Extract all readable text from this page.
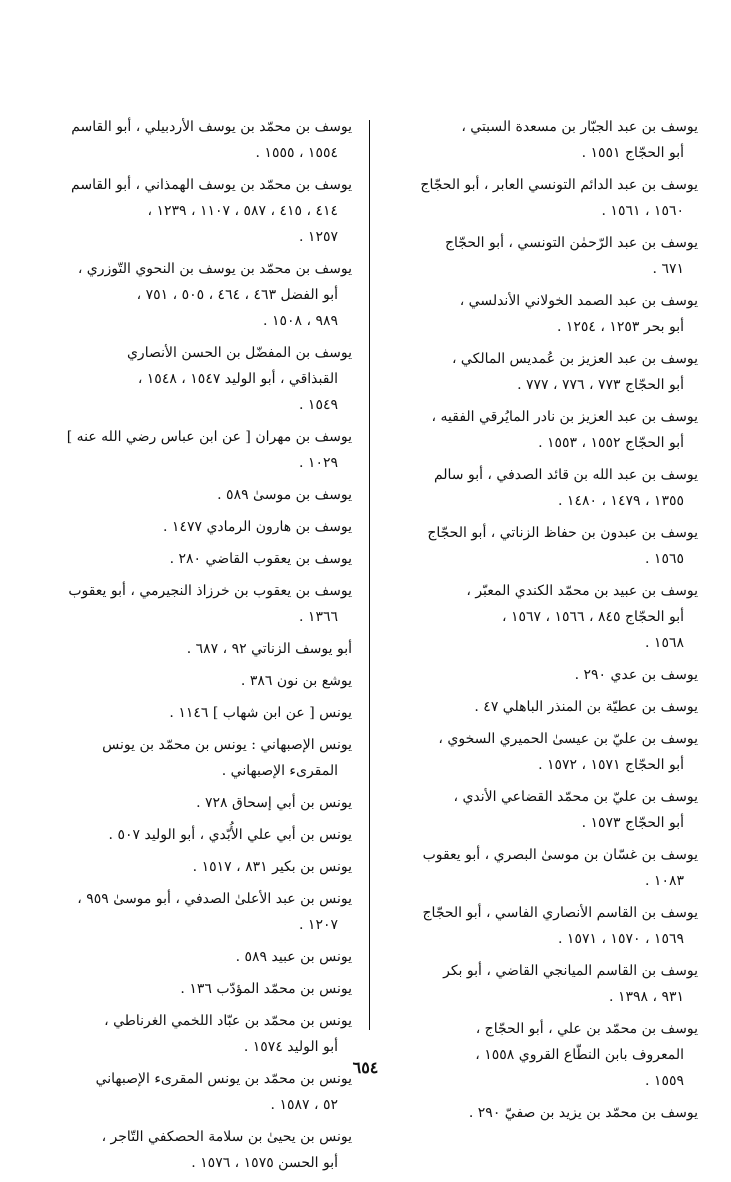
يوسف بن عبد الجبّار بن مسعدة السبتي ،
أبو الحجّاج ١٥٥١ .
يوسف بن عبد الدائم التونسي العابر ، أبو الحجّاج
١٥٦٠ ، ١٥٦١ .
يوسف بن عبد الرّحمٰن التونسي ، أبو الحجّاج
٦٧١ .
يوسف بن عبد الصمد الخولاني الأندلسي ،
أبو بحر ١٢٥٣ ، ١٢٥٤ .
يوسف بن عبد العزيز بن عُمديس المالكي ،
أبو الحجّاج ٧٧٣ ، ٧٧٦ ، ٧٧٧ .
يوسف بن عبد العزيز بن نادر المايُرقي الفقيه ،
أبو الحجّاج ١٥٥٢ ، ١٥٥٣ .
يوسف بن عبد الله بن قائد الصدفي ، أبو سالم
١٣٥٥ ، ١٤٧٩ ، ١٤٨٠ .
يوسف بن عبدون بن حفاظ الزناتي ، أبو الحجّاج
١٥٦٥ .
يوسف بن عبيد بن محمّد الكندي المعبّر ،
أبو الحجّاج ٨٤٥ ، ١٥٦٦ ، ١٥٦٧ ،
١٥٦٨ .
يوسف بن عدي ٢٩٠ .
يوسف بن عطيّة بن المنذر الباهلي ٤٧ .
يوسف بن عليّ بن عيسىٰ الحميري السخوي ،
أبو الحجّاج ١٥٧١ ، ١٥٧٢ .
يوسف بن عليّ بن محمّد القضاعي الأندي ،
أبو الحجّاج ١٥٧٣ .
يوسف بن غسّان بن موسىٰ البصري ، أبو يعقوب
١٠٨٣ .
يوسف بن القاسم الأنصاري الفاسي ، أبو الحجّاج
١٥٦٩ ، ١٥٧٠ ، ١٥٧١ .
يوسف بن القاسم الميانجي القاضي ، أبو بكر
٩٣١ ، ١٣٩٨ .
يوسف بن محمّد بن علي ، أبو الحجّاج ،
المعروف بابن النطّاع القروي ١٥٥٨ ،
١٥٥٩ .
يوسف بن محمّد بن يزيد بن صفيّ ٢٩٠ .
يوسف بن محمّد بن يوسف الأردبيلي ، أبو القاسم
١٥٥٤ ، ١٥٥٥ .
يوسف بن محمّد بن يوسف الهمذاني ، أبو القاسم
٤١٤ ، ٤١٥ ، ٥٨٧ ، ١١٠٧ ، ١٢٣٩ ،
١٢٥٧ .
يوسف بن محمّد بن يوسف بن النحوي التّوزري ،
أبو الفضل ٤٦٣ ، ٤٦٤ ، ٥٠٥ ، ٧٥١ ،
٩٨٩ ، ١٥٠٨ .
يوسف بن المفضّل بن الحسن الأنصاري
القبذاقي ، أبو الوليد ١٥٤٧ ، ١٥٤٨ ،
١٥٤٩ .
يوسف بن مهران [ عن ابن عباس رضي الله عنه ]
١٠٢٩ .
يوسف بن موسىٰ ٥٨٩ .
يوسف بن هارون الرمادي ١٤٧٧ .
يوسف بن يعقوب القاضي ٢٨٠ .
يوسف بن يعقوب بن خرزاذ النجيرمي ، أبو يعقوب
١٣٦٦ .
أبو يوسف الزناتي ٩٢ ، ٦٨٧ .
يوشع بن نون ٣٨٦ .
يونس [ عن ابن شهاب ] ١١٤٦ .
يونس الإصبهاني : يونس بن محمّد بن يونس
المقرىء الإصبهاني .
يونس بن أبي إسحاق ٧٢٨ .
يونس بن أبي علي الأُبّدي ، أبو الوليد ٥٠٧ .
يونس بن بكير ٨٣١ ، ١٥١٧ .
يونس بن عبد الأعلىٰ الصدفي ، أبو موسىٰ ٩٥٩ ،
١٢٠٧ .
يونس بن عبيد ٥٨٩ .
يونس بن محمّد المؤدّب ١٣٦ .
يونس بن محمّد بن عبّاد اللخمي الغرناطي ،
أبو الوليد ١٥٧٤ .
يونس بن محمّد بن يونس المقرىء الإصبهاني
٥٢ ، ١٥٨٧ .
يونس بن يحيىٰ بن سلامة الحصكفي التّاجر ،
أبو الحسن ١٥٧٥ ، ١٥٧٦ .
٦٥٤
